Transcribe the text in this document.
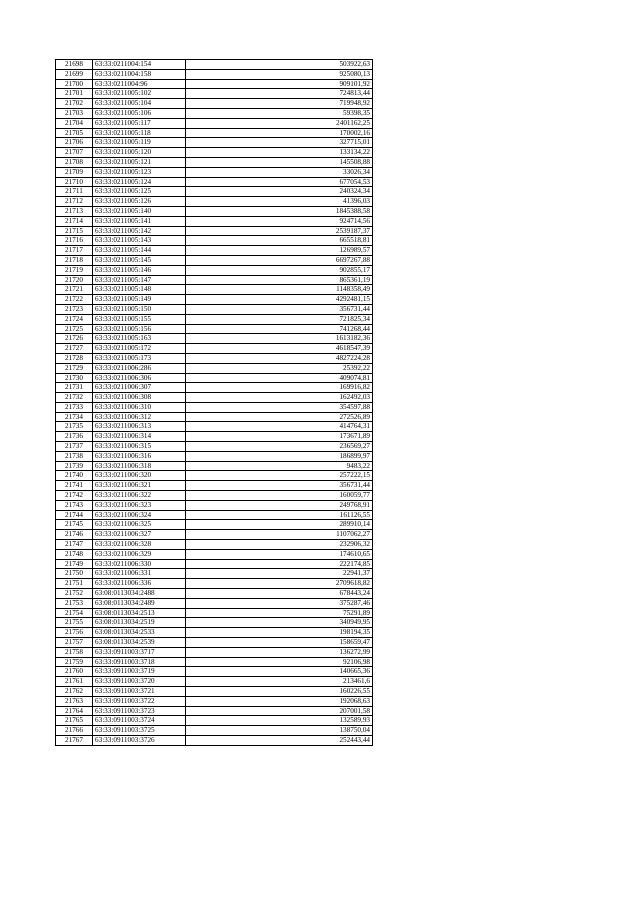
21698	63:33:0211004:154	503922,63
21699	63:33:0211004:158	925080,13
21700	63:33:0211004:96	909101,92
21701	63:33:0211005:102	724813,44
21702	63:33:0211005:104	719948,92
21703	63:33:0211005:106	59398,35
21704	63:33:0211005:117	2401162,25
21705	63:33:0211005:118	170002,16
21706	63:33:0211005:119	327715,01
21707	63:33:0211005:120	133134,22
21708	63:33:0211005:121	145508,88
21709	63:33:0211005:123	33026,34
21710	63:33:0211005:124	677054,53
21711	63:33:0211005:125	240324,34
21712	63:33:0211005:126	41396,03
21713	63:33:0211005:140	1845388,58
21714	63:33:0211005:141	924714,56
21715	63:33:0211005:142	2539187,37
21716	63:33:0211005:143	665518,81
21717	63:33:0211005:144	126989,57
21718	63:33:0211005:145	6697267,88
21719	63:33:0211005:146	902855,17
21720	63:33:0211005:147	865361,19
21721	63:33:0211005:148	1148358,49
21722	63:33:0211005:149	4292481,15
21723	63:33:0211005:150	356731,44
21724	63:33:0211005:155	721825,34
21725	63:33:0211005:156	741268,44
21726	63:33:0211005:163	1613182,36
21727	63:33:0211005:172	4618547,39
21728	63:33:0211005:173	4827224,28
21729	63:33:0211006:286	25392,22
21730	63:33:0211006:306	409074,81
21731	63:33:0211006:307	169916,82
21732	63:33:0211006:308	162492,03
21733	63:33:0211006:310	354597,88
21734	63:33:0211006:312	272526,89
21735	63:33:0211006:313	414764,31
21736	63:33:0211006:314	173671,89
21737	63:33:0211006:315	236569,27
21738	63:33:0211006:316	186899,97
21739	63:33:0211006:318	9483,22
21740	63:33:0211006:320	257222,15
21741	63:33:0211006:321	356731,44
21742	63:33:0211006:322	160059,77
21743	63:33:0211006:323	249768,91
21744	63:33:0211006:324	161126,55
21745	63:33:0211006:325	289910,14
21746	63:33:0211006:327	1107062,27
21747	63:33:0211006:328	232906,32
21748	63:33:0211006:329	174610,65
21749	63:33:0211006:330	222174,85
21750	63:33:0211006:331	22941,37
21751	63:33:0211006:336	2709618,82
21752	63:08:0113034:2488	678443,24
21753	63:08:0113034:2489	375287,46
21754	63:08:0113034:2513	75291,89
21755	63:08:0113034:2519	340949,95
21756	63:08:0113034:2533	198194,35
21757	63:08:0113034:2539	158659,47
21758	63:33:0911003:3717	136272,99
21759	63:33:0911003:3718	92106,98
21760	63:33:0911003:3719	140665,36
21761	63:33:0911003:3720	213461,6
21762	63:33:0911003:3721	160226,55
21763	63:33:0911003:3722	192068,63
21764	63:33:0911003:3723	207001,58
21765	63:33:0911003:3724	132589,93
21766	63:33:0911003:3725	138750,04
21767	63:33:0911003:3726	252443,44
